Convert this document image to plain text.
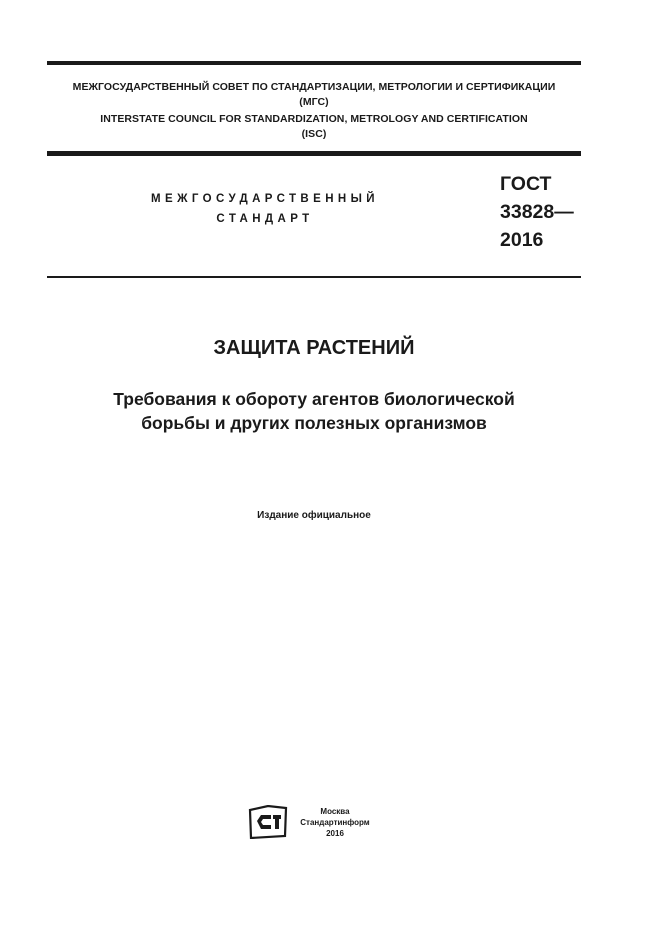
МЕЖГОСУДАРСТВЕННЫЙ СОВЕТ ПО СТАНДАРТИЗАЦИИ, МЕТРОЛОГИИ И СЕРТИФИКАЦИИ
(МГС)
INTERSTATE COUNCIL FOR STANDARDIZATION, METROLOGY AND CERTIFICATION
(ISC)
МЕЖГОСУДАРСТВЕННЫЙ
СТАНДАРТ
ГОСТ
33828—
2016
ЗАЩИТА РАСТЕНИЙ
Требования к обороту агентов биологической
борьбы и других полезных организмов
Издание официальное
СТ
Москва
Стандартинформ
2016
